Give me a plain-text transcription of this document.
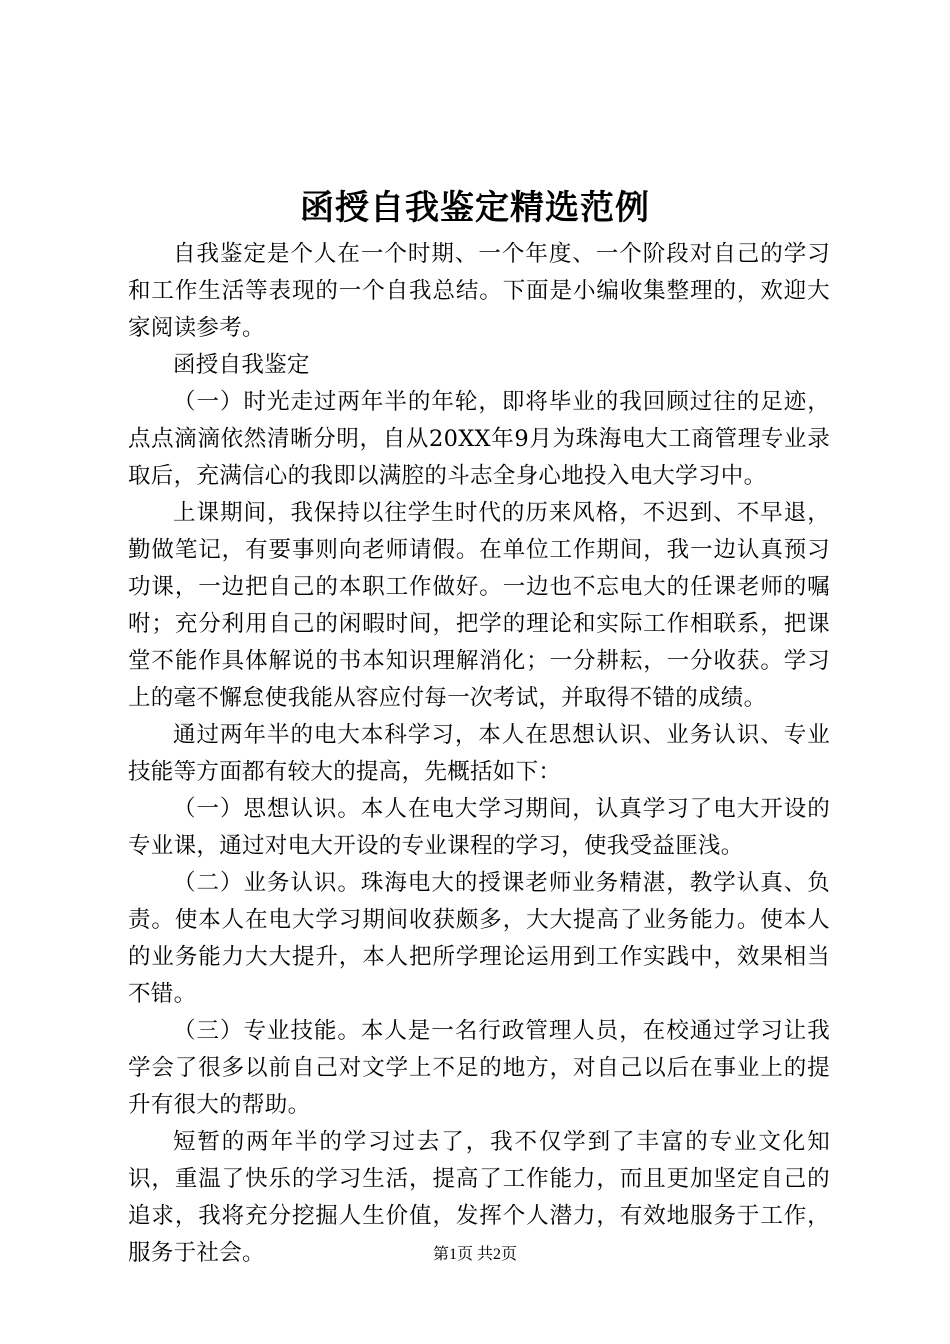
函授自我鉴定精选范例

自我鉴定是个人在一个时期、一个年度、一个阶段对自己的学习和工作生活等表现的一个自我总结。下面是小编收集整理的，欢迎大家阅读参考。

函授自我鉴定

（一）时光走过两年半的年轮，即将毕业的我回顾过往的足迹，点点滴滴依然清晰分明，自从20XX年9月为珠海电大工商管理专业录取后，充满信心的我即以满腔的斗志全身心地投入电大学习中。

上课期间，我保持以往学生时代的历来风格，不迟到、不早退，勤做笔记，有要事则向老师请假。在单位工作期间，我一边认真预习功课，一边把自己的本职工作做好。一边也不忘电大的任课老师的嘱咐；充分利用自己的闲暇时间，把学的理论和实际工作相联系，把课堂不能作具体解说的书本知识理解消化；一分耕耘，一分收获。学习上的毫不懈怠使我能从容应付每一次考试，并取得不错的成绩。

通过两年半的电大本科学习，本人在思想认识、业务认识、专业技能等方面都有较大的提高，先概括如下：

（一）思想认识。本人在电大学习期间，认真学习了电大开设的专业课，通过对电大开设的专业课程的学习，使我受益匪浅。

（二）业务认识。珠海电大的授课老师业务精湛，教学认真、负责。使本人在电大学习期间收获颇多，大大提高了业务能力。使本人的业务能力大大提升，本人把所学理论运用到工作实践中，效果相当不错。

（三）专业技能。本人是一名行政管理人员，在校通过学习让我学会了很多以前自己对文学上不足的地方，对自己以后在事业上的提升有很大的帮助。

短暂的两年半的学习过去了，我不仅学到了丰富的专业文化知识，重温了快乐的学习生活，提高了工作能力，而且更加坚定自己的追求，我将充分挖掘人生价值，发挥个人潜力，有效地服务于工作，服务于社会。	第1页 共2页
